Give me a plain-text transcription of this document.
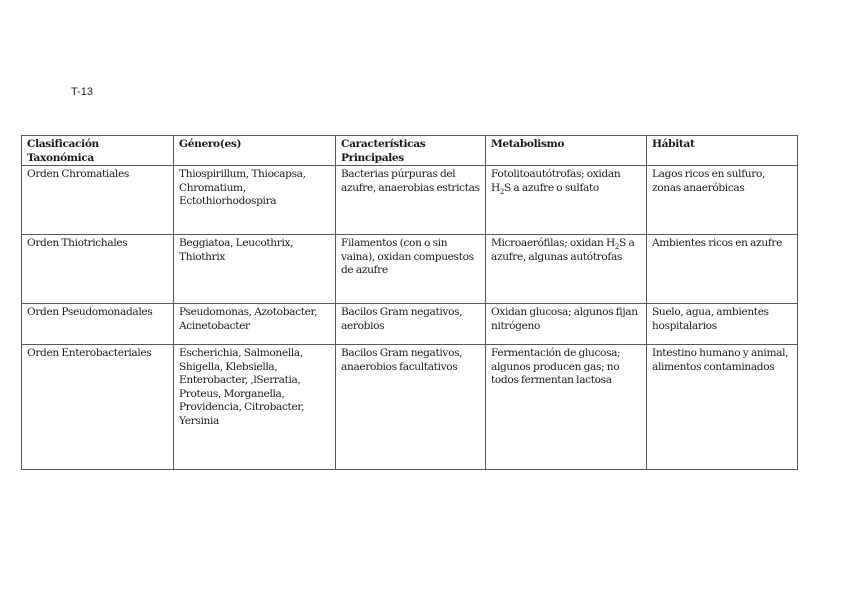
T-13
Clasificación Taxonómica	Género(es)	Características Principales	Metabolismo	Hábitat
Orden Chromatiales	Thiospirillum, Thiocapsa, Chromatium, Ectothiorhodospira	Bacterias púrpuras del azufre, anaerobias estrictas	Fotolitoautótrofas; oxidan $H_2S$ a azufre o sulfato	Lagos ricos en sulfuro, zonas anaeróbicas
Orden Thiotrichales	Beggiatoa, Leucothrix, Thiothrix	Filamentos (con o sin vaina), oxidan compuestos de azufre	Microaerófilas; oxidan $H_2S$ a azufre, algunas autótrofas	Ambientes ricos en azufre
Orden Pseudomonadales	Pseudomonas, Azotobacter, Acinetobacter	Bacilos Gram negativos, aerobios	Oxidan glucosa; algunos fijan nitrógeno	Suelo, agua, ambientes hospitalarios
Orden Enterobacteriales	Escherichia, Salmonella, Shigella, Klebsiella, Enterobacter, ,lSerratia, Proteus, Morganella, Providencia, Citrobacter, Yersinia	Bacilos Gram negativos, anaerobios facultativos	Fermentación de glucosa; algunos producen gas; no todos fermentan lactosa	Intestino humano y animal, alimentos contaminados
